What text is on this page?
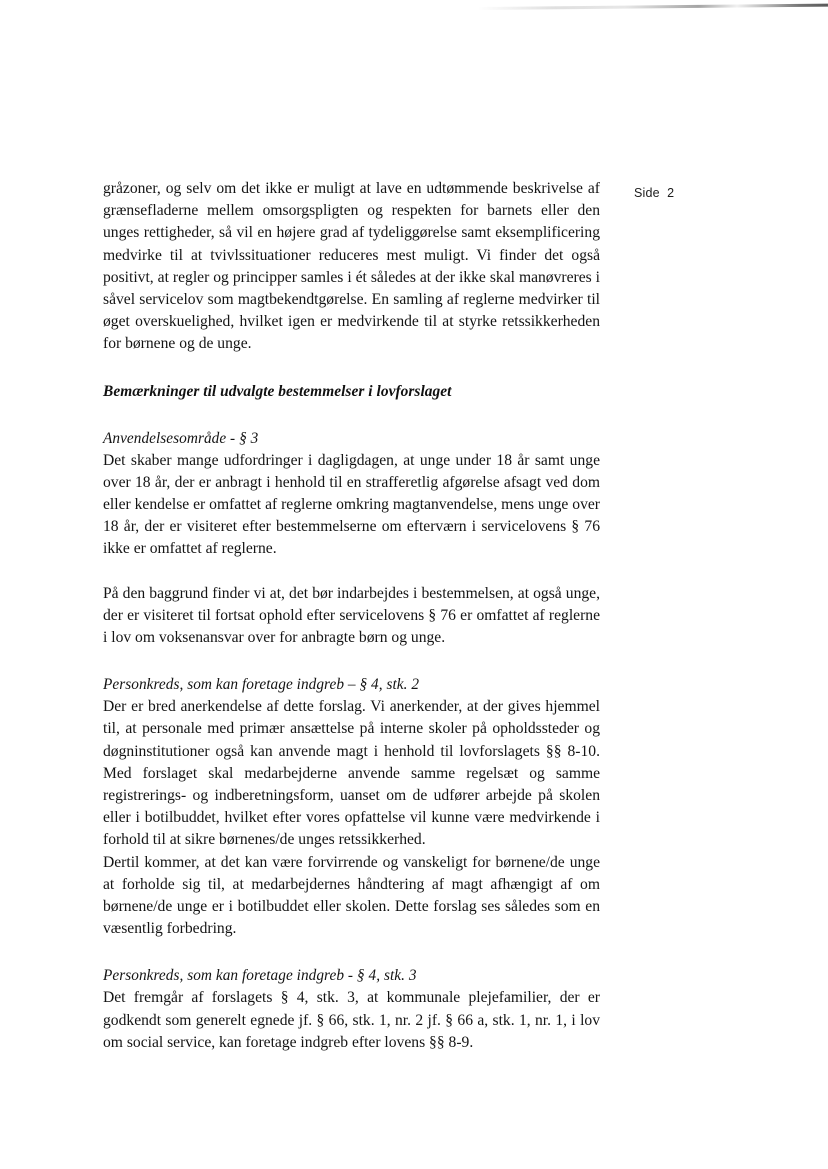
Side  2

gråzoner, og selv om det ikke er muligt at lave en udtømmende beskrivelse af grænsefladerne mellem omsorgspligten og respekten for barnets eller den unges rettigheder, så vil en højere grad af tydeliggørelse samt eksemplificering medvirke til at tvivlssituationer reduceres mest muligt. Vi finder det også positivt, at regler og principper samles i ét således at der ikke skal manøvreres i såvel servicelov som magtbekendtgørelse. En samling af reglerne medvirker til øget overskuelighed, hvilket igen er medvirkende til at styrke retssikkerheden for børnene og de unge.

Bemærkninger til udvalgte bestemmelser i lovforslaget
Anvendelsesområde - § 3

Det skaber mange udfordringer i dagligdagen, at unge under 18 år samt unge over 18 år, der er anbragt i henhold til en strafferetlig afgørelse afsagt ved dom eller kendelse er omfattet af reglerne omkring magtanvendelse, mens unge over 18 år, der er visiteret efter bestemmelserne om efterværn i servicelovens § 76 ikke er omfattet af reglerne.

På den baggrund finder vi at, det bør indarbejdes i bestemmelsen, at også unge, der er visiteret til fortsat ophold efter servicelovens § 76 er omfattet af reglerne i lov om voksenansvar over for anbragte børn og unge.

Personkreds, som kan foretage indgreb – § 4, stk. 2

Der er bred anerkendelse af dette forslag. Vi anerkender, at der gives hjemmel til, at personale med primær ansættelse på interne skoler på opholdssteder og døgninstitutioner også kan anvende magt i henhold til lovforslagets §§ 8-10. Med forslaget skal medarbejderne anvende samme regelsæt og samme registrerings- og indberetningsform, uanset om de udfører arbejde på skolen eller i botilbuddet, hvilket efter vores opfattelse vil kunne være medvirkende i forhold til at sikre børnenes/de unges retssikkerhed.

Dertil kommer, at det kan være forvirrende og vanskeligt for børnene/de unge at forholde sig til, at medarbejdernes håndtering af magt afhængigt af om børnene/de unge er i botilbuddet eller skolen. Dette forslag ses således som en væsentlig forbedring.

Personkreds, som kan foretage indgreb - § 4, stk. 3

Det fremgår af forslagets § 4, stk. 3, at kommunale plejefamilier, der er godkendt som generelt egnede jf. § 66, stk. 1, nr. 2 jf. § 66 a, stk. 1, nr. 1, i lov om social service, kan foretage indgreb efter lovens §§ 8-9.
